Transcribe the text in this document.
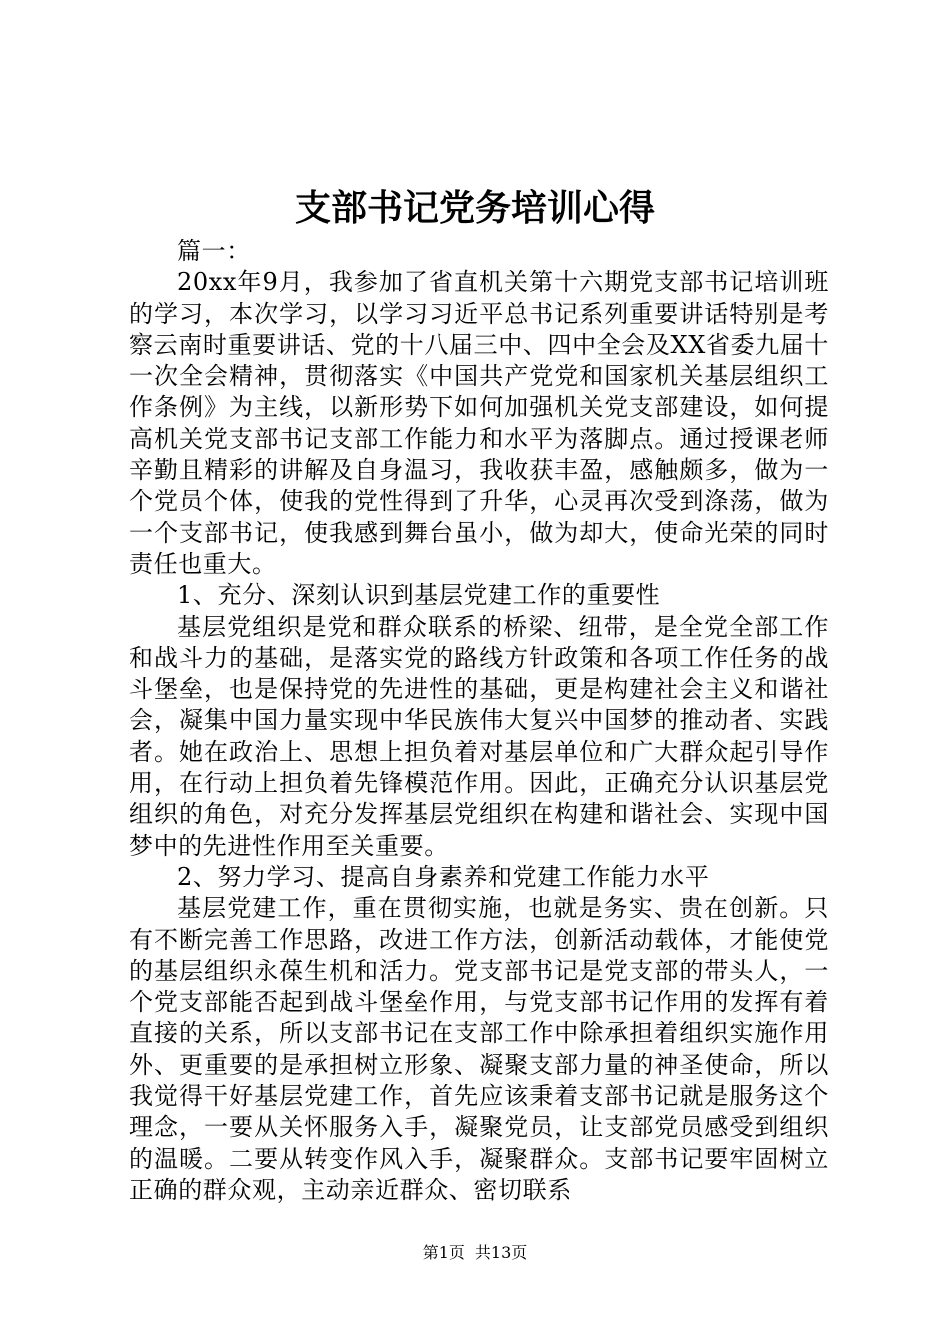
支部书记党务培训心得

篇一：

20xx年9月，我参加了省直机关第十六期党支部书记培训班的学习，本次学习，以学习习近平总书记系列重要讲话特别是考察云南时重要讲话、党的十八届三中、四中全会及XX省委九届十一次全会精神，贯彻落实《中国共产党党和国家机关基层组织工作条例》为主线，以新形势下如何加强机关党支部建设，如何提高机关党支部书记支部工作能力和水平为落脚点。通过授课老师辛勤且精彩的讲解及自身温习，我收获丰盈，感触颇多，做为一个党员个体，使我的党性得到了升华，心灵再次受到涤荡，做为一个支部书记，使我感到舞台虽小，做为却大，使命光荣的同时责任也重大。

1、充分、深刻认识到基层党建工作的重要性

基层党组织是党和群众联系的桥梁、纽带，是全党全部工作和战斗力的基础，是落实党的路线方针政策和各项工作任务的战斗堡垒，也是保持党的先进性的基础，更是构建社会主义和谐社会，凝集中国力量实现中华民族伟大复兴中国梦的推动者、实践者。她在政治上、思想上担负着对基层单位和广大群众起引导作用，在行动上担负着先锋模范作用。因此，正确充分认识基层党组织的角色，对充分发挥基层党组织在构建和谐社会、实现中国梦中的先进性作用至关重要。

2、努力学习、提高自身素养和党建工作能力水平

基层党建工作，重在贯彻实施，也就是务实、贵在创新。只有不断完善工作思路，改进工作方法，创新活动载体，才能使党的基层组织永葆生机和活力。党支部书记是党支部的带头人，一个党支部能否起到战斗堡垒作用，与党支部书记作用的发挥有着直接的关系，所以支部书记在支部工作中除承担着组织实施作用外、更重要的是承担树立形象、凝聚支部力量的神圣使命，所以我觉得干好基层党建工作，首先应该秉着支部书记就是服务这个理念，一要从关怀服务入手，凝聚党员，让支部党员感受到组织的温暖。二要从转变作风入手，凝聚群众。支部书记要牢固树立正确的群众观，主动亲近群众、密切联系

第1页 共13页
